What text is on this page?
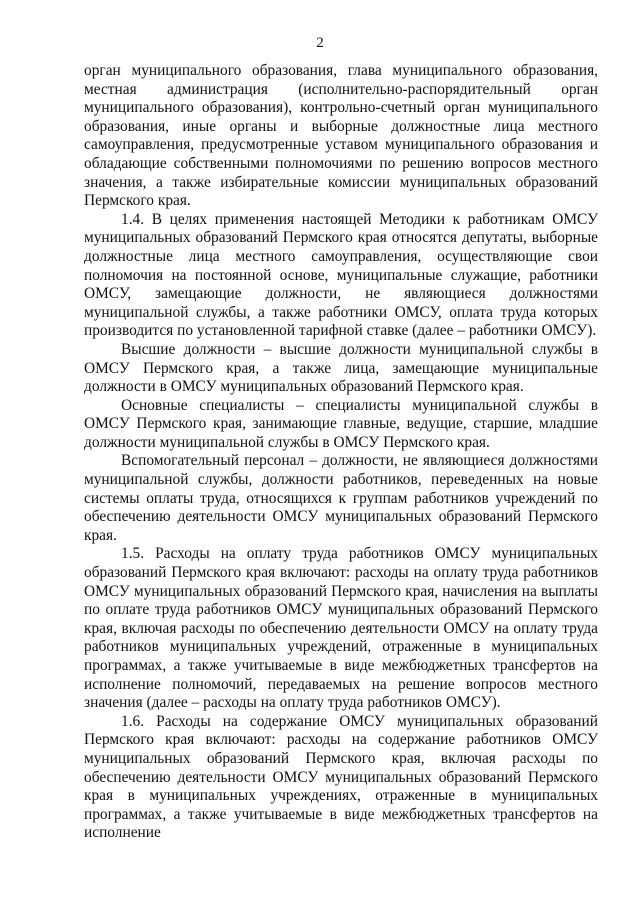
2

орган муниципального образования, глава муниципального образования, местная администрация (исполнительно-распорядительный орган муниципального образования), контрольно-счетный орган муниципального образования, иные органы и выборные должностные лица местного самоуправления, предусмотренные уставом муниципального образования и обладающие собственными полномочиями по решению вопросов местного значения, а также избирательные комиссии муниципальных образований Пермского края.

1.4. В целях применения настоящей Методики к работникам ОМСУ муниципальных образований Пермского края относятся депутаты, выборные должностные лица местного самоуправления, осуществляющие свои полномочия на постоянной основе, муниципальные служащие, работники ОМСУ, замещающие должности, не являющиеся должностями муниципальной службы, а также работники ОМСУ, оплата труда которых производится по установленной тарифной ставке (далее – работники ОМСУ).

Высшие должности – высшие должности муниципальной службы в ОМСУ Пермского края, а также лица, замещающие муниципальные должности в ОМСУ муниципальных образований Пермского края.

Основные специалисты – специалисты муниципальной службы в ОМСУ Пермского края, занимающие главные, ведущие, старшие, младшие должности муниципальной службы в ОМСУ Пермского края.

Вспомогательный персонал – должности, не являющиеся должностями муниципальной службы, должности работников, переведенных на новые системы оплаты труда, относящихся к группам работников учреждений по обеспечению деятельности ОМСУ муниципальных образований Пермского края.

1.5. Расходы на оплату труда работников ОМСУ муниципальных образований Пермского края включают: расходы на оплату труда работников ОМСУ муниципальных образований Пермского края, начисления на выплаты по оплате труда работников ОМСУ муниципальных образований Пермского края, включая расходы по обеспечению деятельности ОМСУ на оплату труда работников муниципальных учреждений, отраженные в муниципальных программах, а также учитываемые в виде межбюджетных трансфертов на исполнение полномочий, передаваемых на решение вопросов местного значения (далее – расходы на оплату труда работников ОМСУ).

1.6. Расходы на содержание ОМСУ муниципальных образований Пермского края включают: расходы на содержание работников ОМСУ муниципальных образований Пермского края, включая расходы по обеспечению деятельности ОМСУ муниципальных образований Пермского края в муниципальных учреждениях, отраженные в муниципальных программах, а также учитываемые в виде межбюджетных трансфертов на исполнение
